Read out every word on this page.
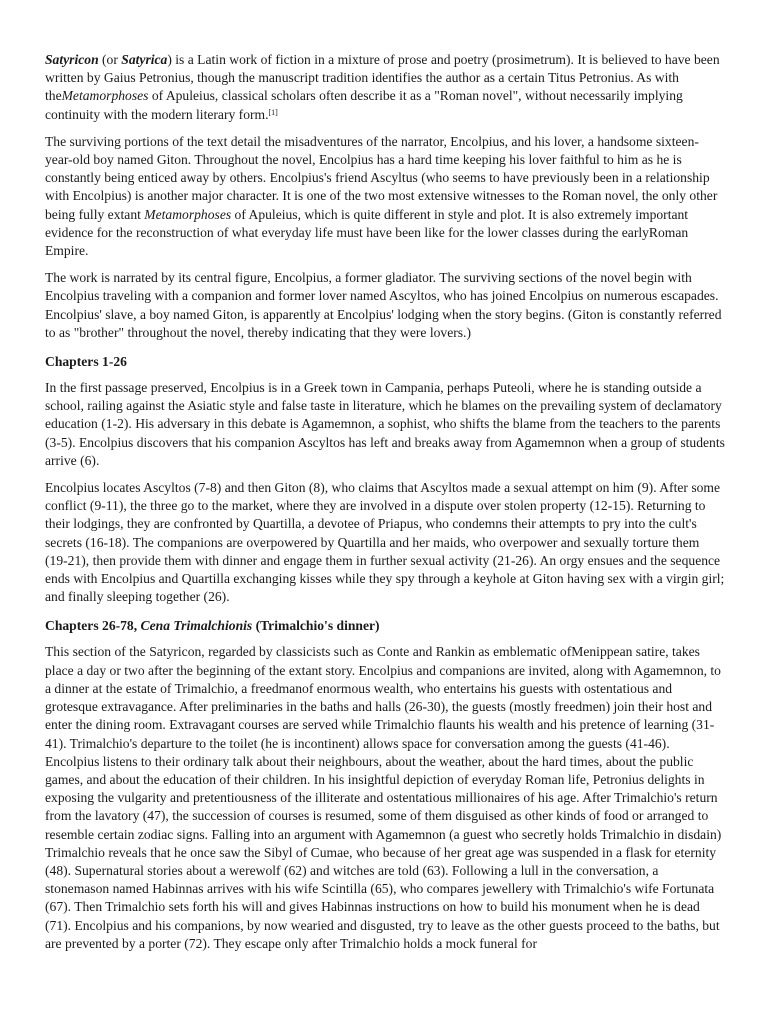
Satyricon (or Satyrica) is a Latin work of fiction in a mixture of prose and poetry (prosimetrum). It is believed to have been written by Gaius Petronius, though the manuscript tradition identifies the author as a certain Titus Petronius. As with theMetamorphoses of Apuleius, classical scholars often describe it as a "Roman novel", without necessarily implying continuity with the modern literary form.[1]

The surviving portions of the text detail the misadventures of the narrator, Encolpius, and his lover, a handsome sixteen-year-old boy named Giton. Throughout the novel, Encolpius has a hard time keeping his lover faithful to him as he is constantly being enticed away by others. Encolpius's friend Ascyltus (who seems to have previously been in a relationship with Encolpius) is another major character. It is one of the two most extensive witnesses to the Roman novel, the only other being fully extant Metamorphoses of Apuleius, which is quite different in style and plot. It is also extremely important evidence for the reconstruction of what everyday life must have been like for the lower classes during the earlyRoman Empire.

The work is narrated by its central figure, Encolpius, a former gladiator. The surviving sections of the novel begin with Encolpius traveling with a companion and former lover named Ascyltos, who has joined Encolpius on numerous escapades. Encolpius' slave, a boy named Giton, is apparently at Encolpius' lodging when the story begins. (Giton is constantly referred to as "brother" throughout the novel, thereby indicating that they were lovers.)

Chapters 1-26

In the first passage preserved, Encolpius is in a Greek town in Campania, perhaps Puteoli, where he is standing outside a school, railing against the Asiatic style and false taste in literature, which he blames on the prevailing system of declamatory education (1-2). His adversary in this debate is Agamemnon, a sophist, who shifts the blame from the teachers to the parents (3-5). Encolpius discovers that his companion Ascyltos has left and breaks away from Agamemnon when a group of students arrive (6).

Encolpius locates Ascyltos (7-8) and then Giton (8), who claims that Ascyltos made a sexual attempt on him (9). After some conflict (9-11), the three go to the market, where they are involved in a dispute over stolen property (12-15). Returning to their lodgings, they are confronted by Quartilla, a devotee of Priapus, who condemns their attempts to pry into the cult's secrets (16-18). The companions are overpowered by Quartilla and her maids, who overpower and sexually torture them (19-21), then provide them with dinner and engage them in further sexual activity (21-26). An orgy ensues and the sequence ends with Encolpius and Quartilla exchanging kisses while they spy through a keyhole at Giton having sex with a virgin girl; and finally sleeping together (26).

Chapters 26-78, Cena Trimalchionis (Trimalchio's dinner)

This section of the Satyricon, regarded by classicists such as Conte and Rankin as emblematic ofMenippean satire, takes place a day or two after the beginning of the extant story. Encolpius and companions are invited, along with Agamemnon, to a dinner at the estate of Trimalchio, a freedmanof enormous wealth, who entertains his guests with ostentatious and grotesque extravagance. After preliminaries in the baths and halls (26-30), the guests (mostly freedmen) join their host and enter the dining room. Extravagant courses are served while Trimalchio flaunts his wealth and his pretence of learning (31-41). Trimalchio's departure to the toilet (he is incontinent) allows space for conversation among the guests (41-46). Encolpius listens to their ordinary talk about their neighbours, about the weather, about the hard times, about the public games, and about the education of their children. In his insightful depiction of everyday Roman life, Petronius delights in exposing the vulgarity and pretentiousness of the illiterate and ostentatious millionaires of his age. After Trimalchio's return from the lavatory (47), the succession of courses is resumed, some of them disguised as other kinds of food or arranged to resemble certain zodiac signs. Falling into an argument with Agamemnon (a guest who secretly holds Trimalchio in disdain) Trimalchio reveals that he once saw the Sibyl of Cumae, who because of her great age was suspended in a flask for eternity (48). Supernatural stories about a werewolf (62) and witches are told (63). Following a lull in the conversation, a stonemason named Habinnas arrives with his wife Scintilla (65), who compares jewellery with Trimalchio's wife Fortunata (67). Then Trimalchio sets forth his will and gives Habinnas instructions on how to build his monument when he is dead (71). Encolpius and his companions, by now wearied and disgusted, try to leave as the other guests proceed to the baths, but are prevented by a porter (72). They escape only after Trimalchio holds a mock funeral for
